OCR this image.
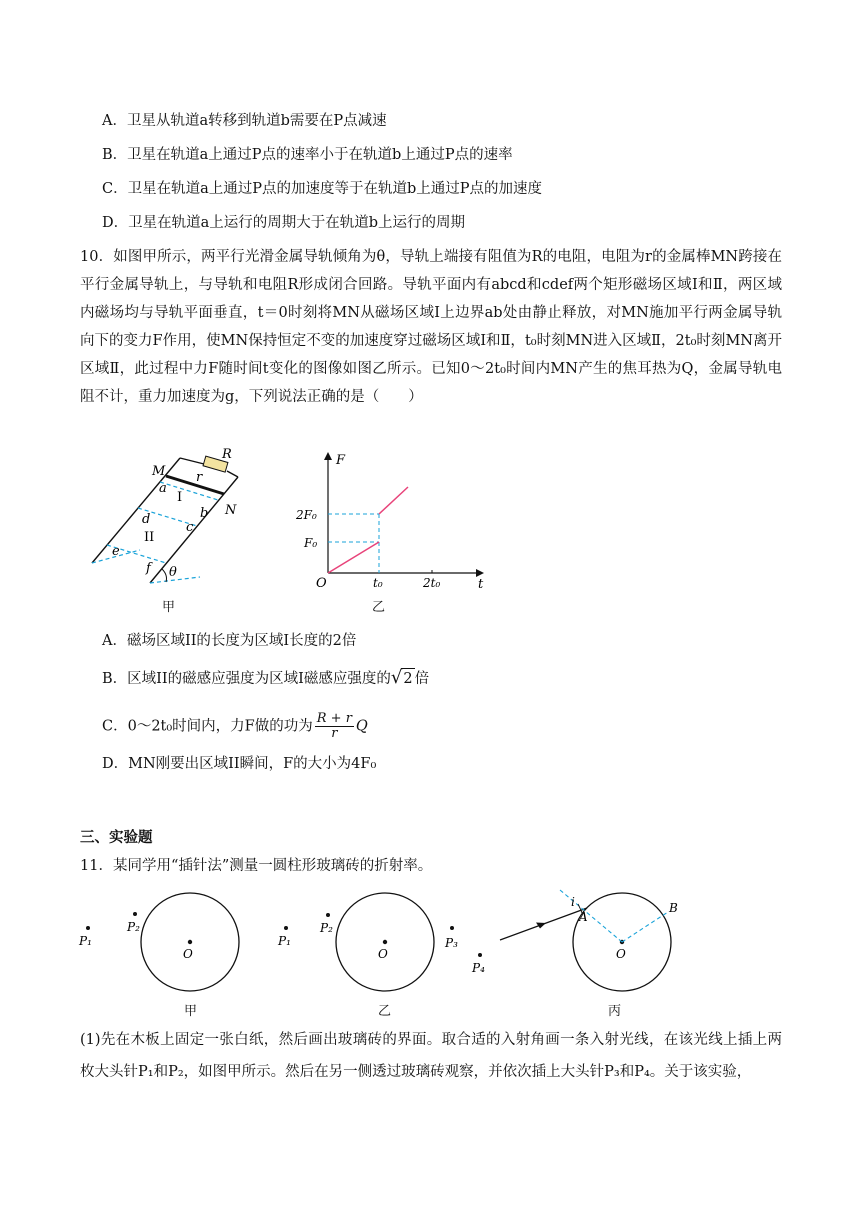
A．卫星从轨道a转移到轨道b需要在P点减速
B．卫星在轨道a上通过P点的速率小于在轨道b上通过P点的速率
C．卫星在轨道a上通过P点的加速度等于在轨道b上通过P点的加速度
D．卫星在轨道a上运行的周期大于在轨道b上运行的周期
10．如图甲所示，两平行光滑金属导轨倾角为θ，导轨上端接有阻值为R的电阻，电阻为r的金属棒MN跨接在平行金属导轨上，与导轨和电阻R形成闭合回路。导轨平面内有abcd和cdef两个矩形磁场区域Ⅰ和Ⅱ，两区域内磁场均与导轨平面垂直，t＝0时刻将MN从磁场区域Ⅰ上边界ab处由静止释放，对MN施加平行两金属导轨向下的变力F作用，使MN保持恒定不变的加速度穿过磁场区域Ⅰ和Ⅱ，t₀时刻MN进入区域Ⅱ，2t₀时刻MN离开区域Ⅱ，此过程中力F随时间t变化的图像如图乙所示。已知0～2t₀时间内MN产生的焦耳热为Q，金属导轨电阻不计，重力加速度为g，下列说法正确的是（　　）
M
R
r
a
I
b N
d
c
II
e
f θ
甲
F
t
O
F₀
2F₀
t₀	2t₀
乙
A．磁场区域II的长度为区域I长度的2倍
B．区域II的磁感应强度为区域I磁感应强度的√2 倍
C．0～2t₀时间内，力F做的功为 $\frac{R + r}{r}$ Q
D．MN刚要出区域II瞬间，F的大小为4F₀
三、实验题
11．某同学用“插针法”测量一圆柱形玻璃砖的折射率。
P₁
P₂
O
甲
P₁
P₂
P₃
O
乙
P₄
i
A
B
O
丙
(1)先在木板上固定一张白纸，然后画出玻璃砖的界面。取合适的入射角画一条入射光线，在该光线上插上两枚大头针P₁和P₂，如图甲所示。然后在另一侧透过玻璃砖观察，并依次插上大头针P₃和P₄。关于该实验，
